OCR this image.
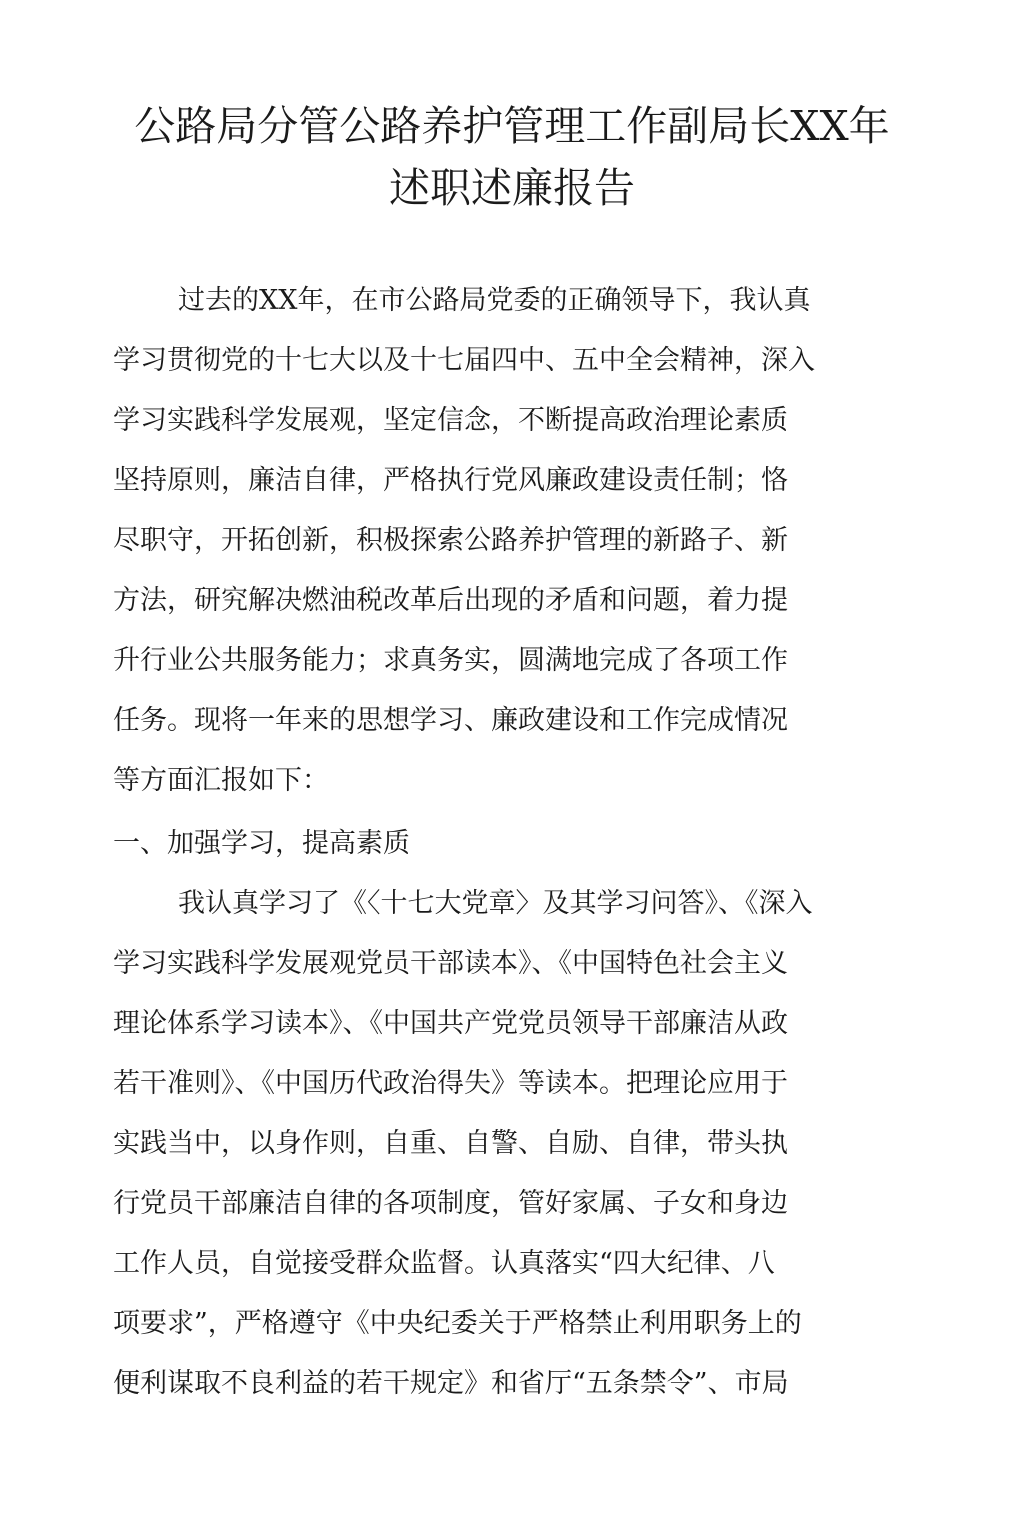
公路局分管公路养护管理工作副局长XX年
述职述廉报告

过去的XX年，在市公路局党委的正确领导下，我认真

学习贯彻党的十七大以及十七届四中、五中全会精神，深入

学习实践科学发展观，坚定信念，不断提高政治理论素质

坚持原则，廉洁自律，严格执行党风廉政建设责任制；恪

尽职守，开拓创新，积极探索公路养护管理的新路子、新

方法，研究解决燃油税改革后出现的矛盾和问题，着力提

升行业公共服务能力；求真务实，圆满地完成了各项工作

任务。现将一年来的思想学习、廉政建设和工作完成情况

等方面汇报如下：

一、加强学习，提高素质

我认真学习了《〈十七大党章〉及其学习问答》、《深入

学习实践科学发展观党员干部读本》、《中国特色社会主义

理论体系学习读本》、《中国共产党党员领导干部廉洁从政

若干准则》、《中国历代政治得失》等读本。把理论应用于

实践当中，以身作则，自重、自警、自励、自律，带头执

行党员干部廉洁自律的各项制度，管好家属、子女和身边

工作人员，自觉接受群众监督。认真落实“四大纪律、八

项要求”，严格遵守《中央纪委关于严格禁止利用职务上的

便利谋取不良利益的若干规定》和省厅“五条禁令”、市局
